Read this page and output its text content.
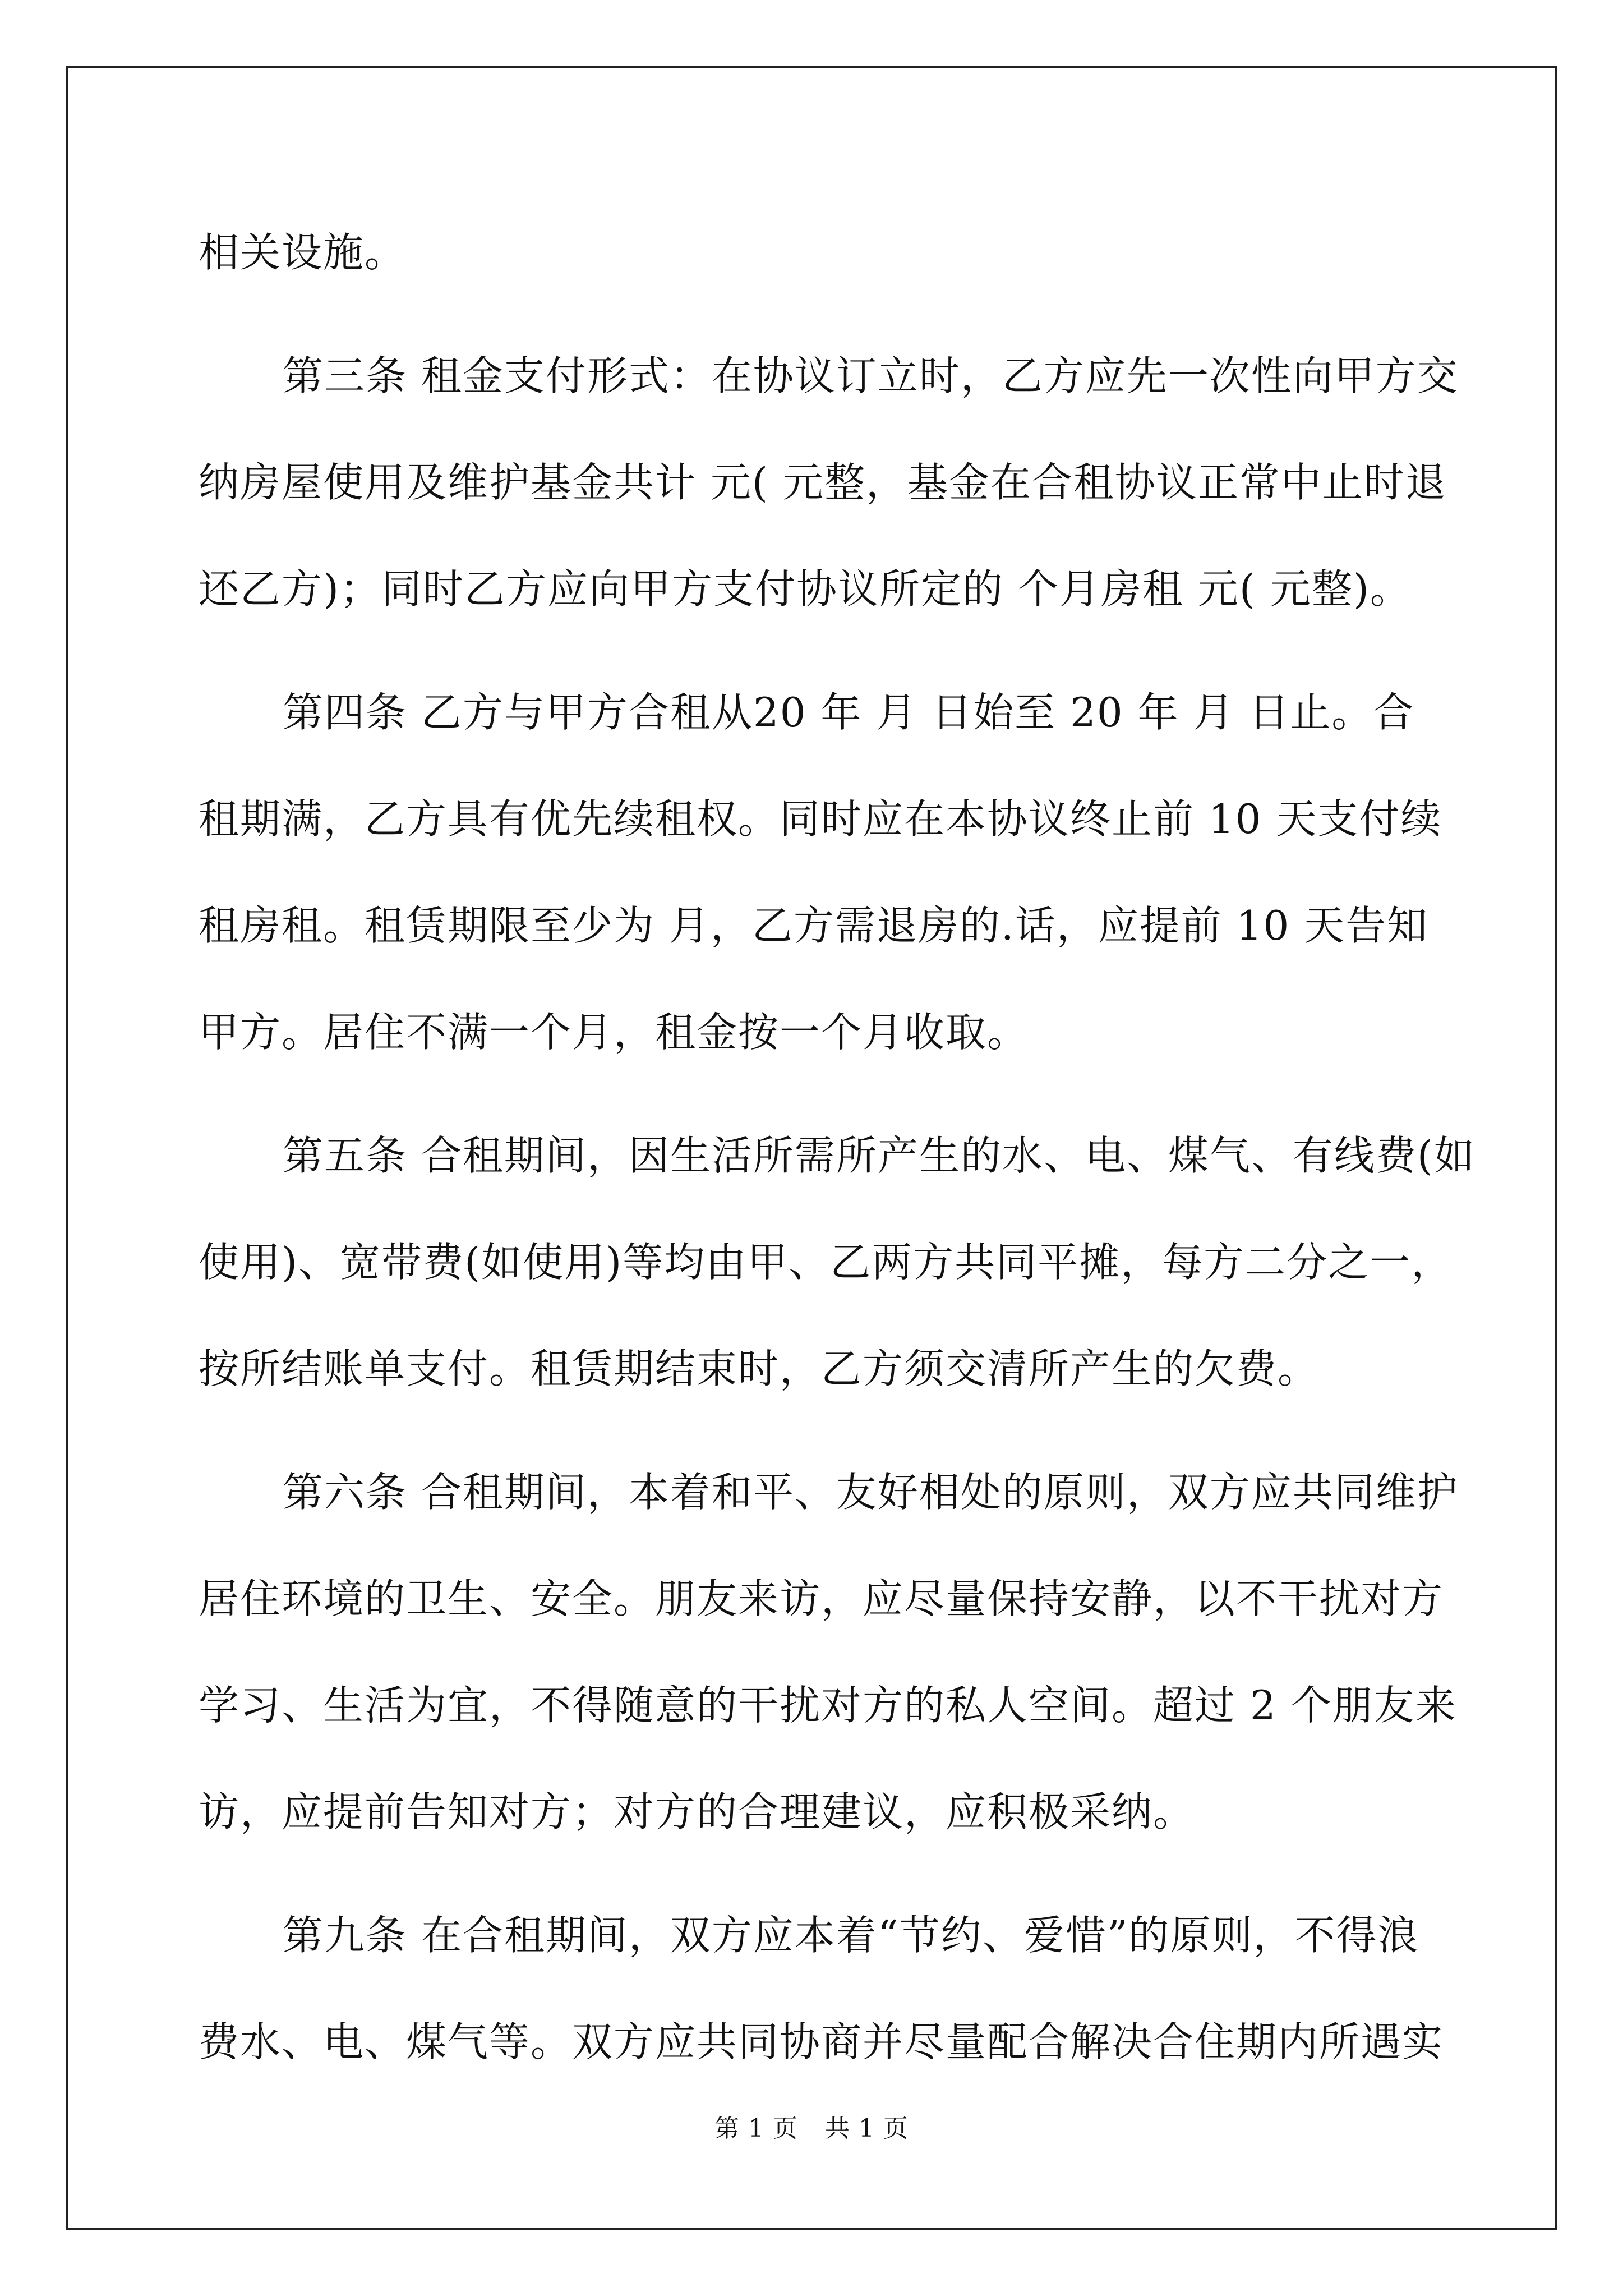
相关设施。

第三条 租金支付形式：在协议订立时，乙方应先一次性向甲方交
纳房屋使用及维护基金共计 元( 元整，基金在合租协议正常中止时退
还乙方)；同时乙方应向甲方支付协议所定的 个月房租 元( 元整)。

第四条 乙方与甲方合租从20 年 月 日始至 20 年 月 日止。合
租期满，乙方具有优先续租权。同时应在本协议终止前 10 天支付续
租房租。租赁期限至少为 月，乙方需退房的.话，应提前 10 天告知
甲方。居住不满一个月，租金按一个月收取。

第五条 合租期间，因生活所需所产生的水、电、煤气、有线费(如
使用)、宽带费(如使用)等均由甲、乙两方共同平摊，每方二分之一，
按所结账单支付。租赁期结束时，乙方须交清所产生的欠费。

第六条 合租期间，本着和平、友好相处的原则，双方应共同维护
居住环境的卫生、安全。朋友来访，应尽量保持安静，以不干扰对方
学习、生活为宜，不得随意的干扰对方的私人空间。超过 2 个朋友来
访，应提前告知对方；对方的合理建议，应积极采纳。

第九条 在合租期间，双方应本着“节约、爱惜”的原则，不得浪
费水、电、煤气等。双方应共同协商并尽量配合解决合住期内所遇实

第 1 页 共 1 页
